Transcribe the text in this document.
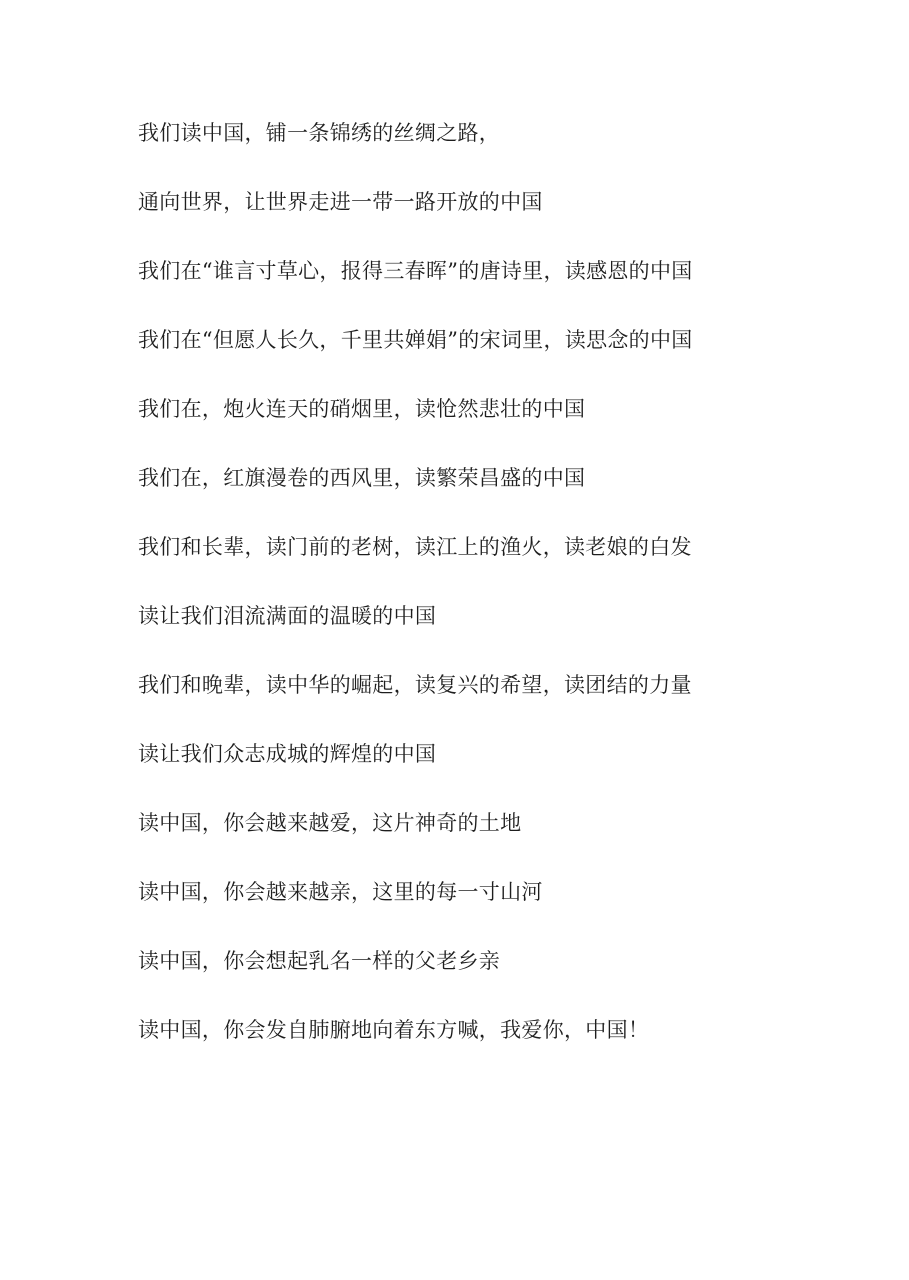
我们读中国，铺一条锦绣的丝绸之路，
通向世界，让世界走进一带一路开放的中国
我们在“谁言寸草心，报得三春晖”的唐诗里，读感恩的中国
我们在“但愿人长久，千里共婵娟”的宋词里，读思念的中国
我们在，炮火连天的硝烟里，读怆然悲壮的中国
我们在，红旗漫卷的西风里，读繁荣昌盛的中国
我们和长辈，读门前的老树，读江上的渔火，读老娘的白发
读让我们泪流满面的温暖的中国
我们和晚辈，读中华的崛起，读复兴的希望，读团结的力量
读让我们众志成城的辉煌的中国
读中国，你会越来越爱，这片神奇的土地
读中国，你会越来越亲，这里的每一寸山河
读中国，你会想起乳名一样的父老乡亲
读中国，你会发自肺腑地向着东方喊，我爱你，中国！
